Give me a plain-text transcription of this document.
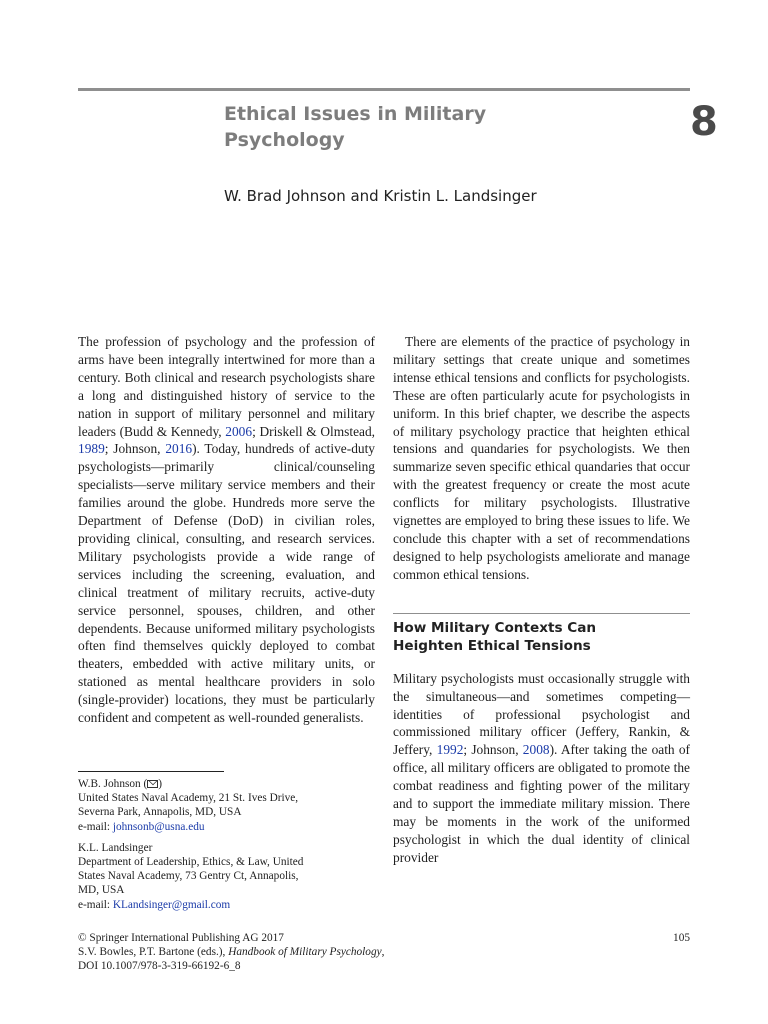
Ethical Issues in Military
Psychology	8
W. Brad Johnson and Kristin L. Landsinger

The profession of psychology and the profession of arms have been integrally intertwined for more than a century. Both clinical and research psychologists share a long and distinguished history of service to the nation in support of military personnel and military leaders (Budd & Kennedy, 2006; Driskell & Olmstead, 1989; Johnson, 2016). Today, hundreds of active-duty psychologists—primarily clinical/counseling specialists—serve military service members and their families around the globe. Hundreds more serve the Department of Defense (DoD) in civilian roles, providing clinical, consulting, and research services. Military psychologists provide a wide range of services including the screening, evaluation, and clinical treatment of military recruits, active-duty service personnel, spouses, children, and other dependents. Because uniformed military psychologists often find themselves quickly deployed to combat theaters, embedded with active military units, or stationed as mental healthcare providers in solo (single-provider) locations, they must be particularly confident and competent as well-rounded generalists.

There are elements of the practice of psychology in military settings that create unique and sometimes intense ethical tensions and conflicts for psychologists. These are often particularly acute for psychologists in uniform. In this brief chapter, we describe the aspects of military psychology practice that heighten ethical tensions and quandaries for psychologists. We then summarize seven specific ethical quandaries that occur with the greatest frequency or create the most acute conflicts for military psychologists. Illustrative vignettes are employed to bring these issues to life. We conclude this chapter with a set of recommendations designed to help psychologists ameliorate and manage common ethical tensions.

How Military Contexts Can
Heighten Ethical Tensions

Military psychologists must occasionally struggle with the simultaneous—and sometimes competing—identities of professional psychologist and commissioned military officer (Jeffery, Rankin, & Jeffery, 1992; Johnson, 2008). After taking the oath of office, all military officers are obligated to promote the combat readiness and fighting power of the military and to support the immediate military mission. There may be moments in the work of the uniformed psychologist in which the dual identity of clinical provider

W.B. Johnson ( )
United States Naval Academy, 21 St. Ives Drive,
Severna Park, Annapolis, MD, USA
e-mail: johnsonb@usna.edu
K.L. Landsinger
Department of Leadership, Ethics, & Law, United
States Naval Academy, 73 Gentry Ct, Annapolis,
MD, USA
e-mail: KLandsinger@gmail.com
© Springer International Publishing AG 2017
S.V. Bowles, P.T. Bartone (eds.), Handbook of Military Psychology,
DOI 10.1007/978-3-319-66192-6_8
105
